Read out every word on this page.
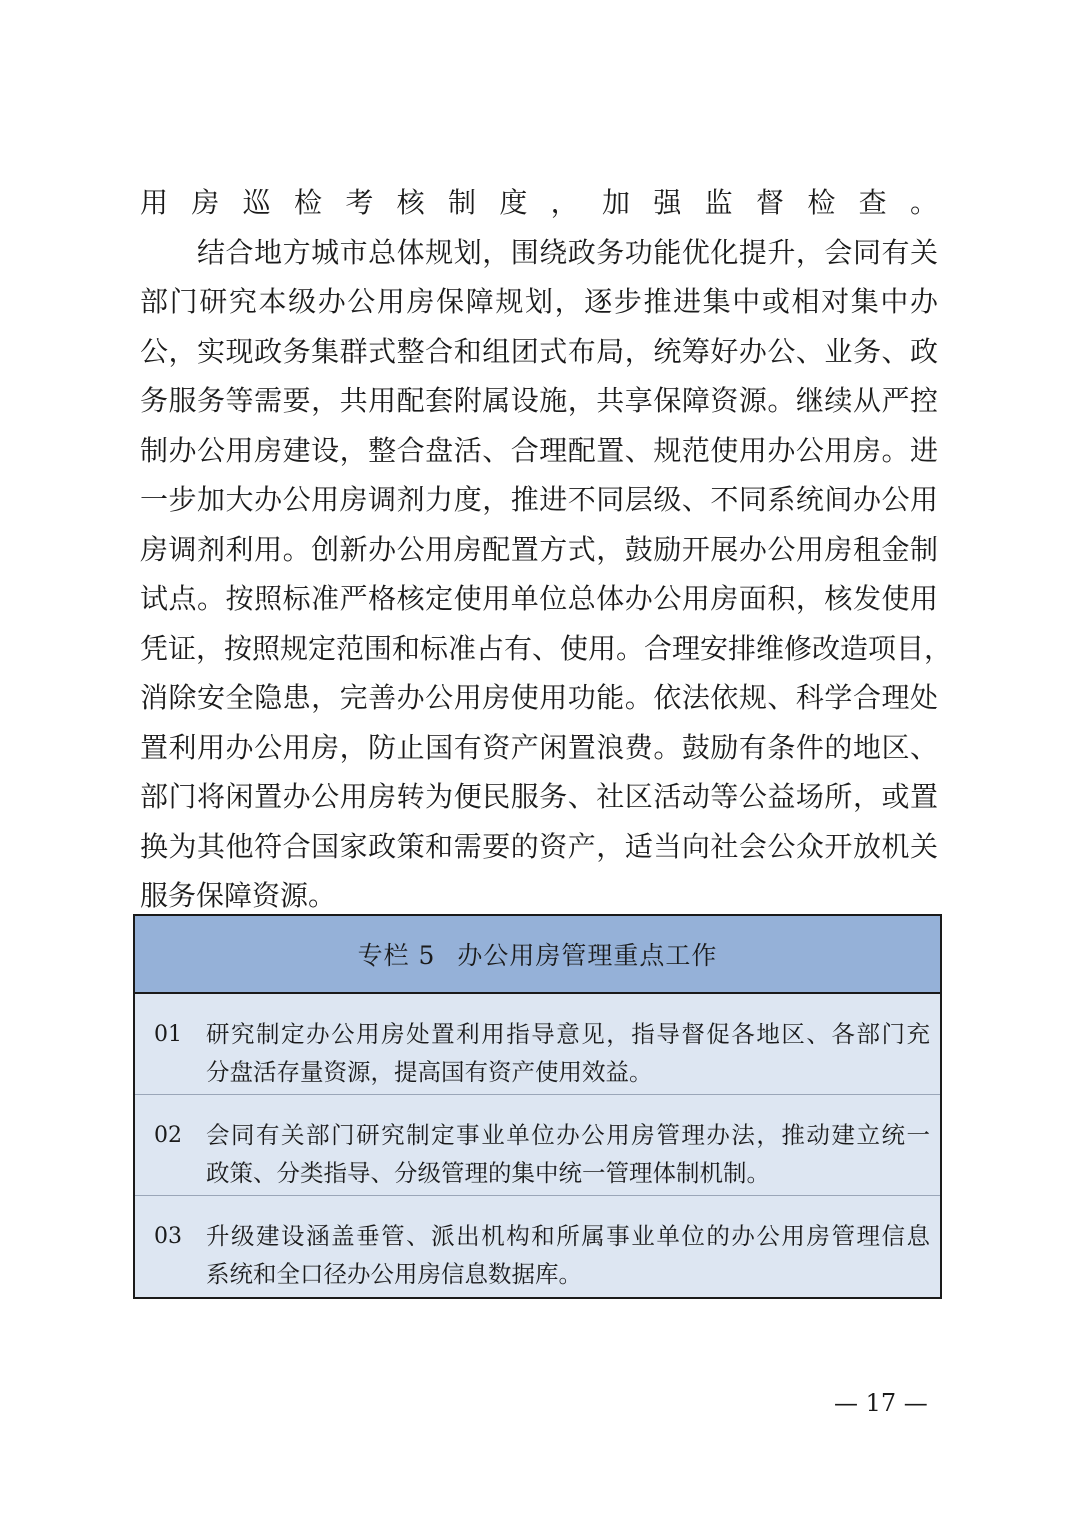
用房巡检考核制度，加强监督检查。
　　结合地方城市总体规划，围绕政务功能优化提升，会同有关
部门研究本级办公用房保障规划，逐步推进集中或相对集中办
公，实现政务集群式整合和组团式布局，统筹好办公、业务、政
务服务等需要，共用配套附属设施，共享保障资源。继续从严控
制办公用房建设，整合盘活、合理配置、规范使用办公用房。进
一步加大办公用房调剂力度，推进不同层级、不同系统间办公用
房调剂利用。创新办公用房配置方式，鼓励开展办公用房租金制
试点。按照标准严格核定使用单位总体办公用房面积，核发使用
凭证，按照规定范围和标准占有、使用。合理安排维修改造项目，
消除安全隐患，完善办公用房使用功能。依法依规、科学合理处
置利用办公用房，防止国有资产闲置浪费。鼓励有条件的地区、
部门将闲置办公用房转为便民服务、社区活动等公益场所，或置
换为其他符合国家政策和需要的资产，适当向社会公众开放机关
服务保障资源。
专栏 5 办公用房管理重点工作
01 研究制定办公用房处置利用指导意见，指导督促各地区、各部门充
分盘活存量资源，提高国有资产使用效益。
02 会同有关部门研究制定事业单位办公用房管理办法，推动建立统一
政策、分类指导、分级管理的集中统一管理体制机制。
03 升级建设涵盖垂管、派出机构和所属事业单位的办公用房管理信息
系统和全口径办公用房信息数据库。
— 17 —
